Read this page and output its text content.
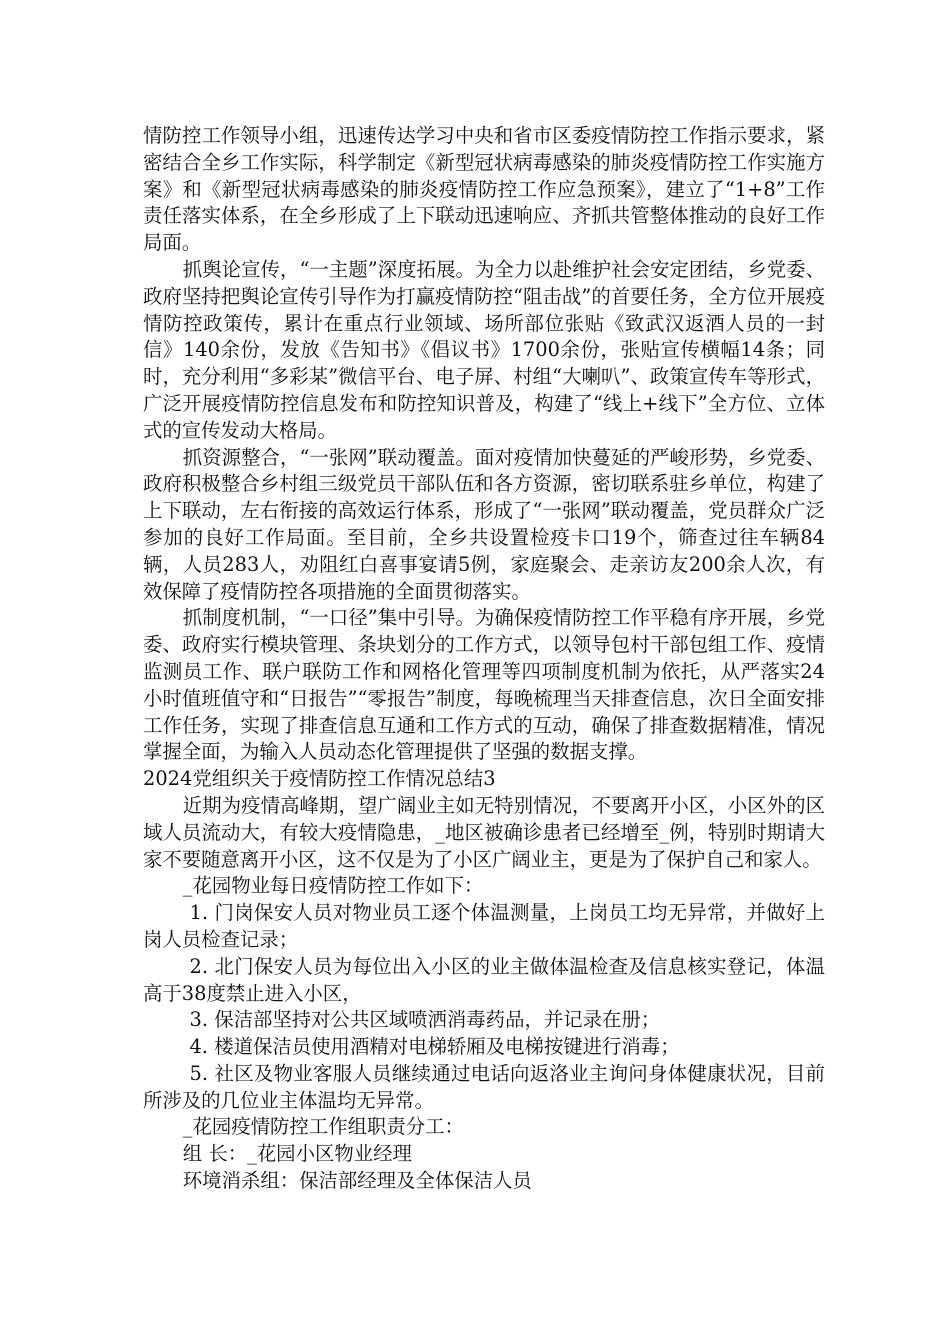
情防控工作领导小组，迅速传达学习中央和省市区委疫情防控工作指示要求，紧密结合全乡工作实际，科学制定《新型冠状病毒感染的肺炎疫情防控工作实施方案》和《新型冠状病毒感染的肺炎疫情防控工作应急预案》，建立了“1+8”工作责任落实体系，在全乡形成了上下联动迅速响应、齐抓共管整体推动的良好工作局面。

抓舆论宣传，“一主题”深度拓展。为全力以赴维护社会安定团结，乡党委、政府坚持把舆论宣传引导作为打赢疫情防控“阻击战”的首要任务，全方位开展疫情防控政策传，累计在重点行业领域、场所部位张贴《致武汉返酒人员的一封信》140余份，发放《告知书》《倡议书》1700余份，张贴宣传横幅14条；同时，充分利用“多彩某”微信平台、电子屏、村组“大喇叭”、政策宣传车等形式，广泛开展疫情防控信息发布和防控知识普及，构建了“线上+线下”全方位、立体式的宣传发动大格局。

抓资源整合，“一张网”联动覆盖。面对疫情加快蔓延的严峻形势，乡党委、政府积极整合乡村组三级党员干部队伍和各方资源，密切联系驻乡单位，构建了上下联动，左右衔接的高效运行体系，形成了“一张网”联动覆盖，党员群众广泛参加的良好工作局面。至目前，全乡共设置检疫卡口19个，筛查过往车辆84辆，人员283人，劝阻红白喜事宴请5例，家庭聚会、走亲访友200余人次，有效保障了疫情防控各项措施的全面贯彻落实。

抓制度机制，“一口径”集中引导。为确保疫情防控工作平稳有序开展，乡党委、政府实行模块管理、条块划分的工作方式，以领导包村干部包组工作、疫情监测员工作、联户联防工作和网格化管理等四项制度机制为依托，从严落实24小时值班值守和“日报告”“零报告”制度，每晚梳理当天排查信息，次日全面安排工作任务，实现了排查信息互通和工作方式的互动，确保了排查数据精准，情况掌握全面，为输入人员动态化管理提供了坚强的数据支撑。

2024党组织关于疫情防控工作情况总结3

近期为疫情高峰期，望广阔业主如无特别情况，不要离开小区，小区外的区域人员流动大，有较大疫情隐患，_地区被确诊患者已经增至_例，特别时期请大家不要随意离开小区，这不仅是为了小区广阔业主，更是为了保护自己和家人。

_花园物业每日疫情防控工作如下：

1. 门岗保安人员对物业员工逐个体温测量，上岗员工均无异常，并做好上岗人员检查记录；

2. 北门保安人员为每位出入小区的业主做体温检查及信息核实登记，体温高于38度禁止进入小区，

3. 保洁部坚持对公共区域喷洒消毒药品，并记录在册；

4. 楼道保洁员使用酒精对电梯轿厢及电梯按键进行消毒；

5. 社区及物业客服人员继续通过电话向返洛业主询问身体健康状况，目前所涉及的几位业主体温均无异常。

_花园疫情防控工作组职责分工：

组 长：_花园小区物业经理

环境消杀组：保洁部经理及全体保洁人员
